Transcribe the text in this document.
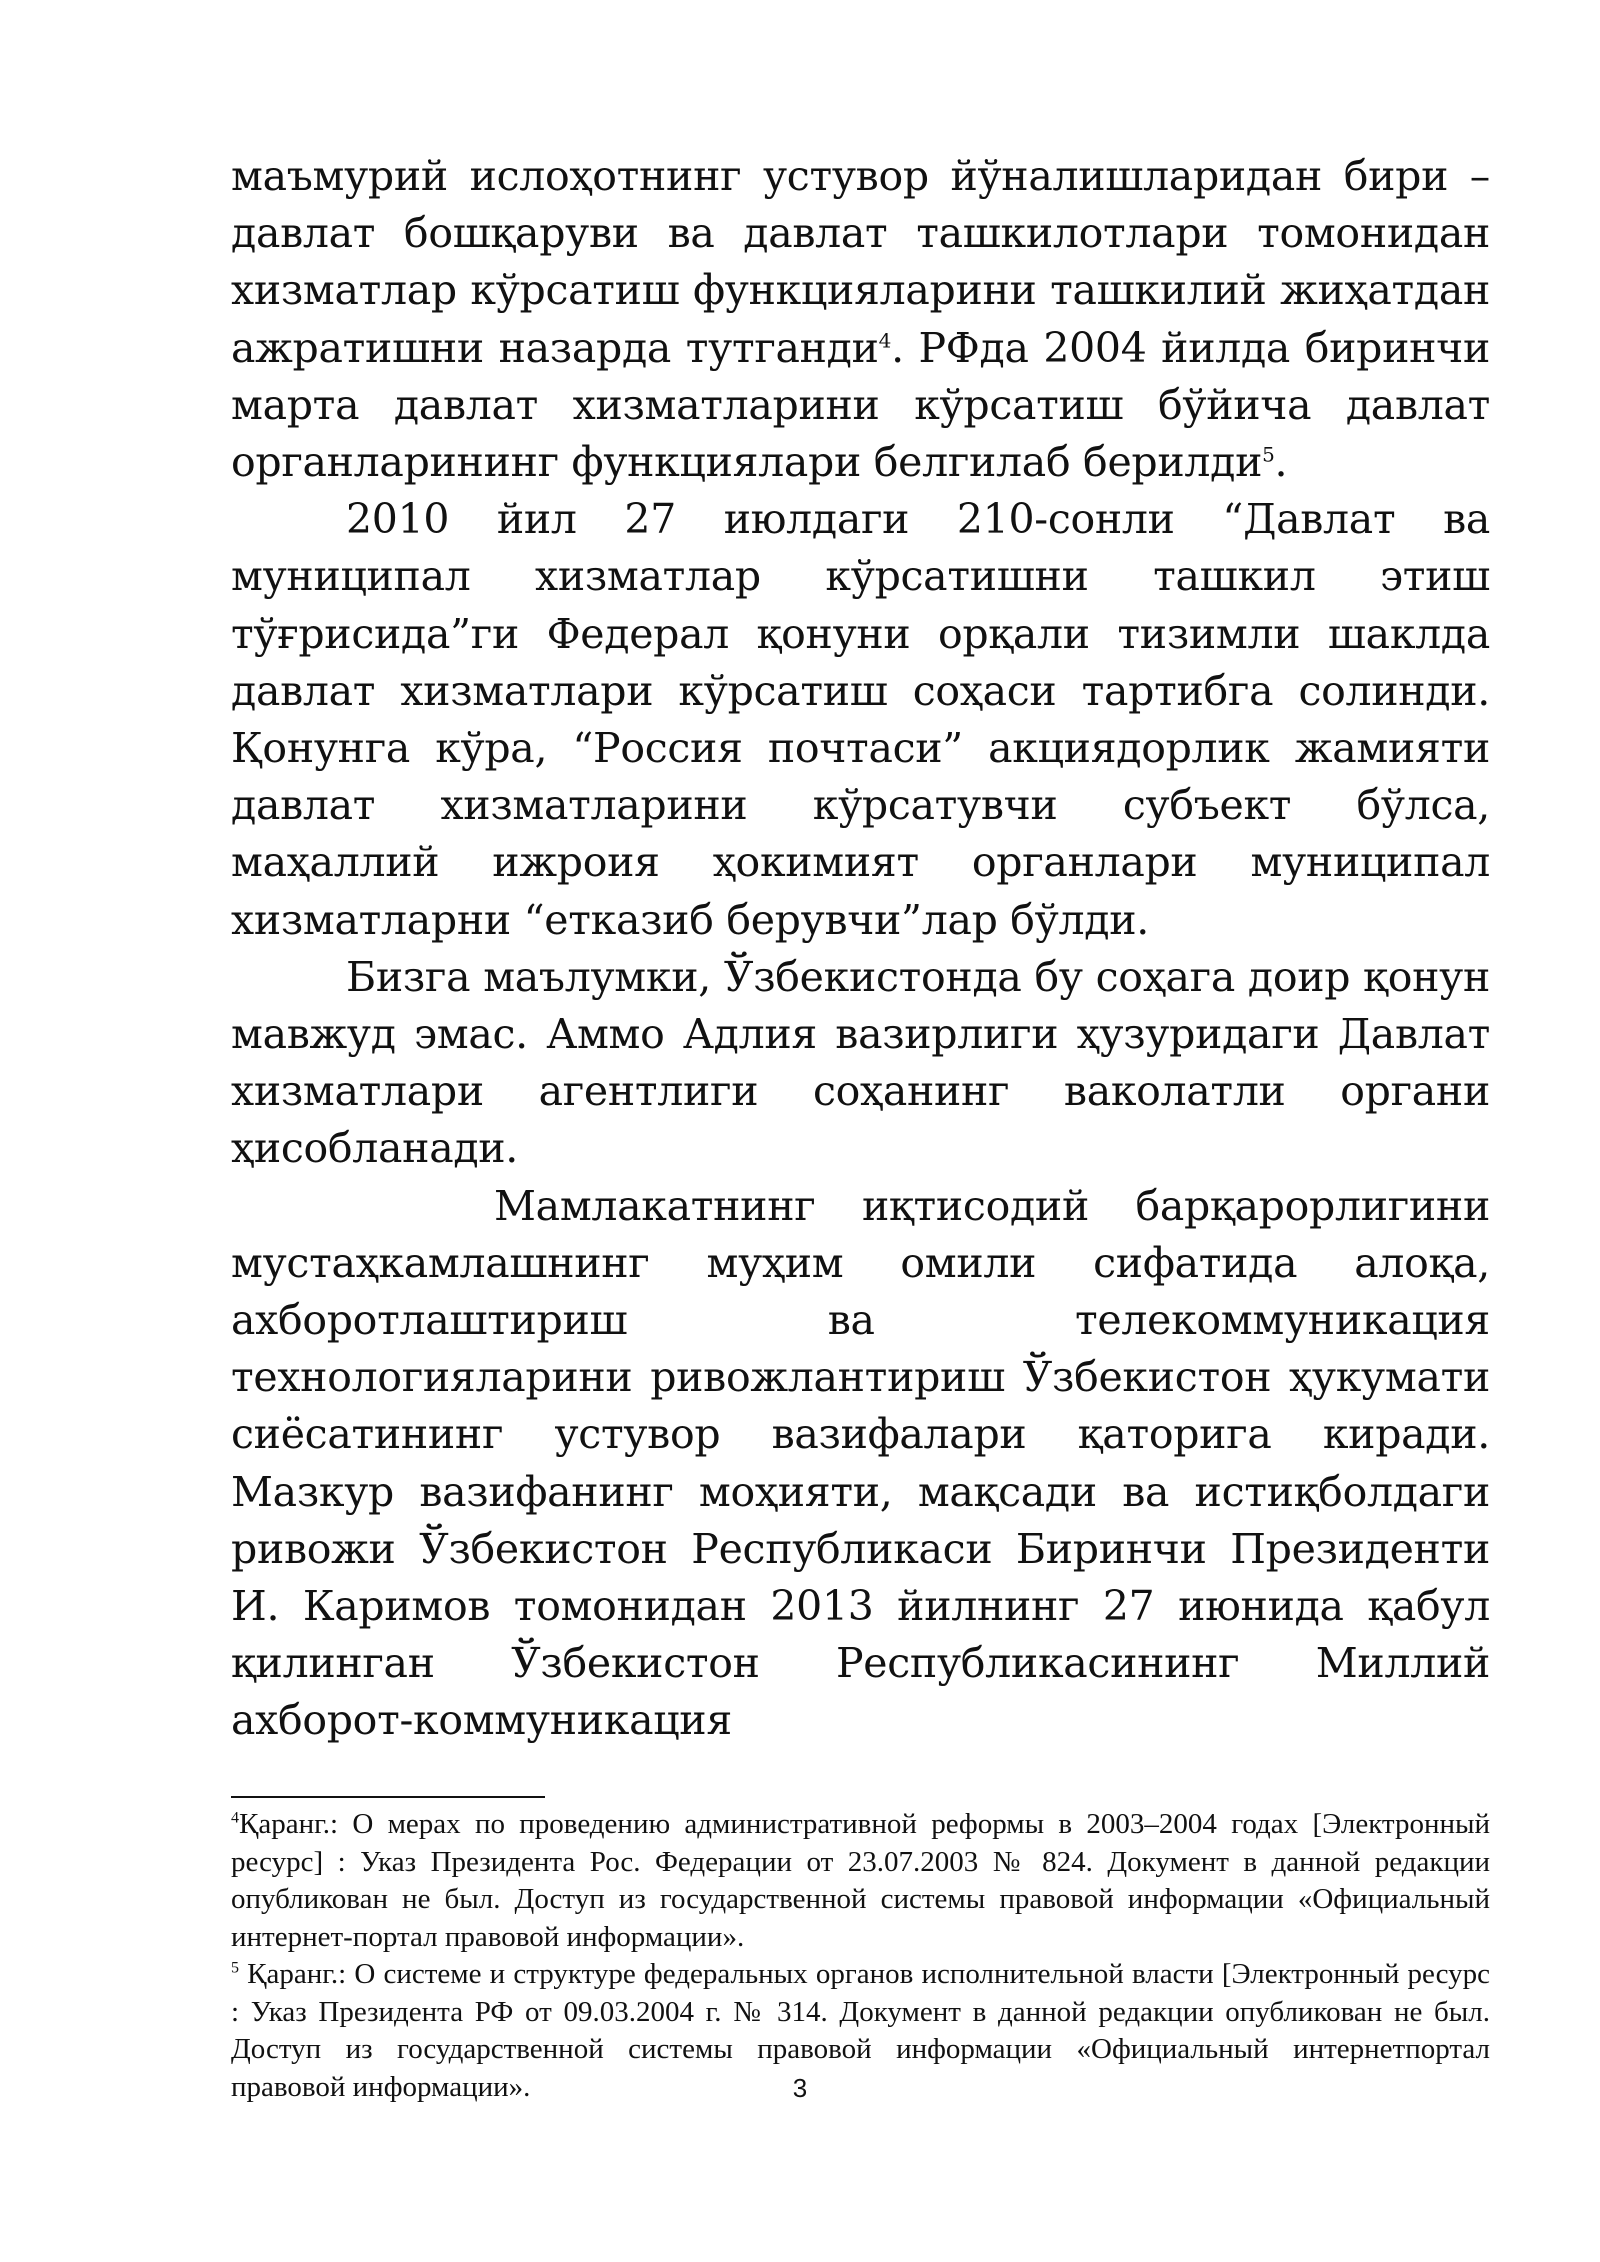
маъмурий ислоҳотнинг устувор йўналишларидан бири – давлат бошқаруви ва давлат ташкилотлари томонидан хизматлар кўрсатиш функцияларини ташкилий жиҳатдан ажратишни назарда тутганди$^4$. РФда 2004 йилда биринчи марта давлат хизматларини кўрсатиш бўйича давлат органларининг функциялари белгилаб берилди$^5$.

2010 йил 27 июлдаги 210-сонли “Давлат ва муниципал хизматлар кўрсатишни ташкил этиш тўғрисида”ги Федерал қонуни орқали тизимли шаклда давлат хизматлари кўрсатиш соҳаси тартибга солинди. Қонунга кўра, “Россия почтаси” акциядорлик жамияти давлат хизматларини кўрсатувчи субъект бўлса, маҳаллий ижроия ҳокимият органлари муниципал хизматларни “етказиб берувчи”лар бўлди.

Бизга маълумки, Ўзбекистонда бу соҳага доир қонун мавжуд эмас. Аммо Адлия вазирлиги ҳузуридаги Давлат хизматлари агентлиги соҳанинг ваколатли органи ҳисобланади.

Мамлакатнинг иқтисодий барқарорлигини мустаҳкамлашнинг муҳим омили сифатида алоқа, ахборотлаштириш ва телекоммуникация теxнологияларини ривожлантириш Ўзбекистон ҳукумати сиёсатининг устувор вазифалари қаторига киради. Мазкур вазифанинг моҳияти, мақсади ва истиқболдаги ривожи Ўзбекистон Республикаси Биринчи Президенти И. Каримов томонидан 2013 йилнинг 27 июнида қабул қилинган Ўзбекистон Республикасининг Миллий ахборот-коммуникация

$^4$Қаранг.: О мерах по проведению административной реформы в 2003–2004 годах [Электронный ресурс] : Указ Президента Рос. Федерации от 23.07.2003 № 824. Документ в данной редакции опубликован не был. Доступ из государственной системы правовой информации «Официальный интернет-портал правовой информации».

$^5$ Қаранг.: О системе и структуре федеральных органов исполнительной власти [Электронный ресурс : Указ Президента РФ от 09.03.2004 г. № 314. Документ в данной редакции опубликован не был. Доступ из государственной системы правовой информации «Официальный интернетпортал правовой информации».	3
